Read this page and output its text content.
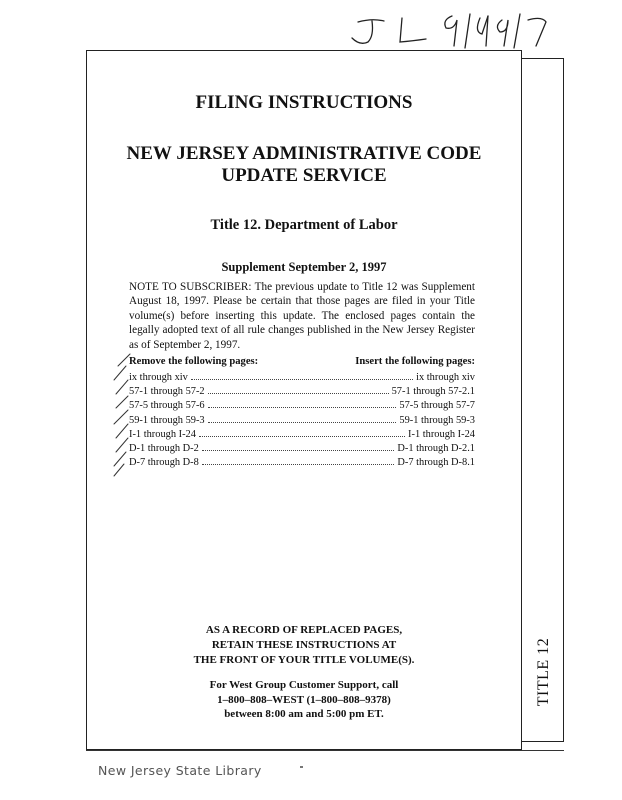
TITLE 12
FILING INSTRUCTIONS
NEW JERSEY ADMINISTRATIVE CODE
UPDATE SERVICE
Title 12. Department of Labor
Supplement September 2, 1997
NOTE TO SUBSCRIBER: The previous update to Title 12 was Supplement August 18, 1997. Please be certain that those pages are filed in your Title volume(s) before inserting this update. The enclosed pages contain the legally adopted text of all rule changes published in the New Jersey Register as of September 2, 1997.
Remove the following pages:	Insert the following pages:
ix through xiv	ix through xiv
57-1 through 57-2	57-1 through 57-2.1
57-5 through 57-6	57-5 through 57-7
59-1 through 59-3	59-1 through 59-3
I-1 through I-24	I-1 through I-24
D-1 through D-2	D-1 through D-2.1
D-7 through D-8	D-7 through D-8.1
AS A RECORD OF REPLACED PAGES,
RETAIN THESE INSTRUCTIONS AT
THE FRONT OF YOUR TITLE VOLUME(S).
For West Group Customer Support, call
1–800–808–WEST (1–800–808–9378)
between 8:00 am and 5:00 pm ET.
New Jersey State Library
